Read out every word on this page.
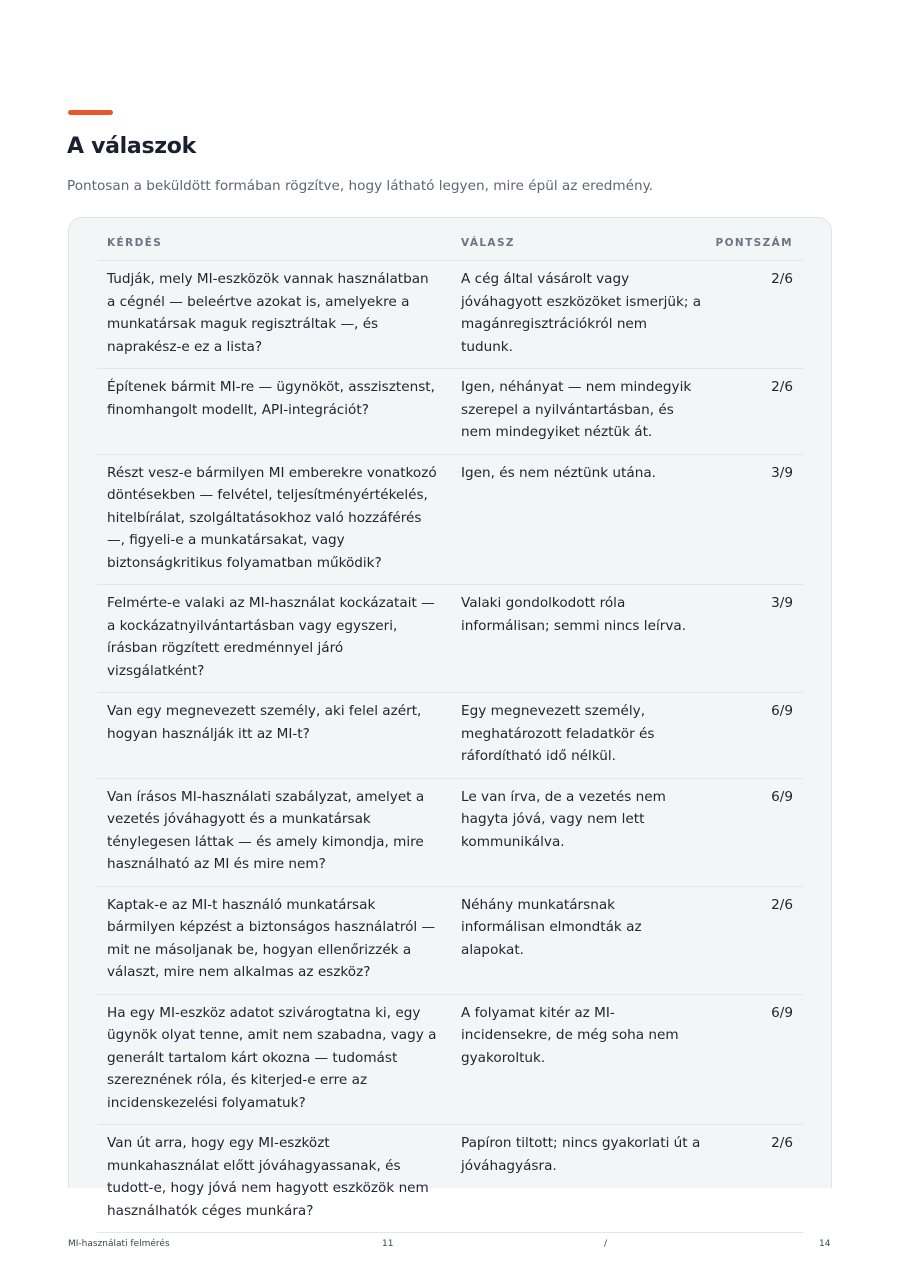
A válaszok

Pontosan a beküldött formában rögzítve, hogy látható legyen, mire épül az eredmény.

KÉRDÉS	VÁLASZ	PONTSZÁM
Tudják, mely MI-eszközök vannak használatban a cégnél — beleértve azokat is, amelyekre a munkatársak maguk regisztráltak —, és naprakész-e ez a lista?	A cég által vásárolt vagy jóváhagyott eszközöket ismerjük; a magánregisztrációkról nem tudunk.	2/6
Építenek bármit MI-re — ügynököt, asszisztenst, finomhangolt modellt, API-integrációt?	Igen, néhányat — nem mindegyik szerepel a nyilvántartásban, és nem mindegyiket néztük át.	2/6
Részt vesz-e bármilyen MI emberekre vonatkozó döntésekben — felvétel, teljesítményértékelés, hitelbírálat, szolgáltatásokhoz való hozzáférés —, figyeli-e a munkatársakat, vagy biztonságkritikus folyamatban működik?	Igen, és nem néztünk utána.	3/9
Felmérte-e valaki az MI-használat kockázatait — a kockázatnyilvántartásban vagy egyszeri, írásban rögzített eredménnyel járó vizsgálatként?	Valaki gondolkodott róla informálisan; semmi nincs leírva.	3/9
Van egy megnevezett személy, aki felel azért, hogyan használják itt az MI-t?	Egy megnevezett személy, meghatározott feladatkör és ráfordítható idő nélkül.	6/9
Van írásos MI-használati szabályzat, amelyet a vezetés jóváhagyott és a munkatársak ténylegesen láttak — és amely kimondja, mire használható az MI és mire nem?	Le van írva, de a vezetés nem hagyta jóvá, vagy nem lett kommunikálva.	6/9
Kaptak-e az MI-t használó munkatársak bármilyen képzést a biztonságos használatról — mit ne másoljanak be, hogyan ellenőrizzék a választ, mire nem alkalmas az eszköz?	Néhány munkatársnak informálisan elmondták az alapokat.	2/6
Ha egy MI-eszköz adatot szivárogtatna ki, egy ügynök olyat tenne, amit nem szabadna, vagy a generált tartalom kárt okozna — tudomást szereznének róla, és kiterjed-e erre az incidenskezelési folyamatuk?	A folyamat kitér az MI-incidensekre, de még soha nem gyakoroltuk.	6/9
Van út arra, hogy egy MI-eszközt munkahasználat előtt jóváhagyassanak, és tudott-e, hogy jóvá nem hagyott eszközök nem használhatók céges munkára?	Papíron tiltott; nincs gyakorlati út a jóváhagyásra.	2/6
MI-használati felmérés	11	/	14
